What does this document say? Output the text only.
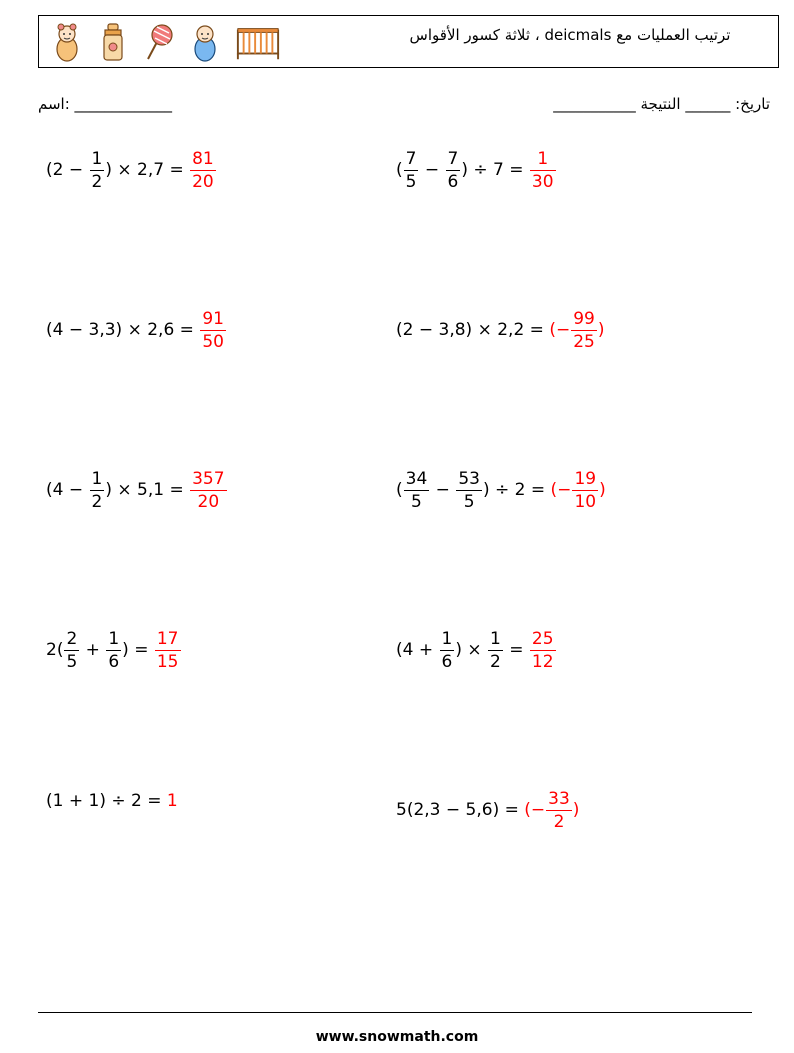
ترتيب العمليات مع deicmals ، ثلاثة كسور الأقواس
اسم: _____________	تاريخ: ______ النتيجة ___________
($2 - \frac{1}{2}$ ) × $2,7 = \frac{81}{20}$	( $\frac{7}{5} - \frac{7}{6}$ ) ÷ $7 = \frac{1}{30}$
$(4 - 3,3) \times 2,6 = \frac{91}{50}$	(2 − 3,8) × 2,2 = (− $\frac{99}{25}$ )
($4 - \frac{1}{2}$ ) × $5,1 = \frac{357}{20}$	( $\frac{34}{5} - \frac{53}{5}$ ) ÷ 2 = (− $\frac{19}{10}$ )
$2( \frac{2}{5} + \frac{1}{6}$ ) = $\frac{17}{15}$	($4 + \frac{1}{6}$ ) × $\frac{1}{2} = \frac{25}{12}$
(1 + 1) ÷ 2 = 1	5(2,3 − 5,6) = (− $\frac{33}{2}$ )
www.snowmath.com
